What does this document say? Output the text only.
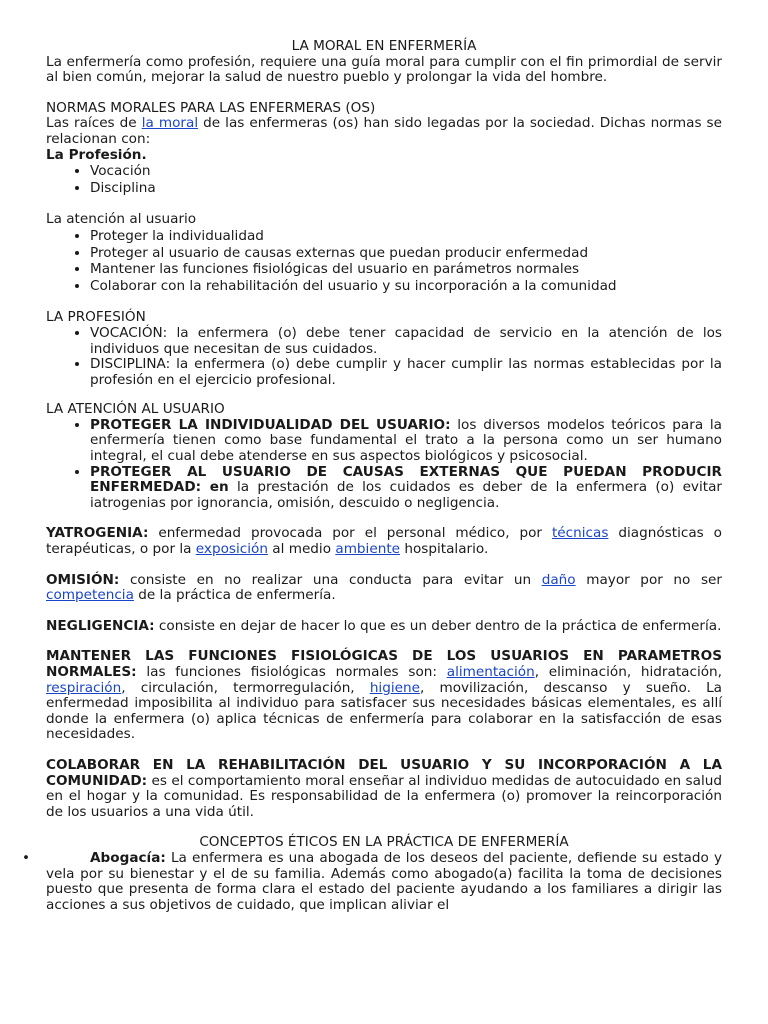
LA MORAL EN ENFERMERÍA
La enfermería como profesión, requiere una guía moral para cumplir con el fin primordial de servir al bien común, mejorar la salud de nuestro pueblo y prolongar la vida del hombre.
NORMAS MORALES PARA LAS ENFERMERAS (OS)
Las raíces de la moral de las enfermeras (os) han sido legadas por la sociedad. Dichas normas se relacionan con:
La Profesión.
• Vocación
• Disciplina
La atención al usuario
• Proteger la individualidad
• Proteger al usuario de causas externas que puedan producir enfermedad
• Mantener las funciones fisiológicas del usuario en parámetros normales
• Colaborar con la rehabilitación del usuario y su incorporación a la comunidad
LA PROFESIÓN
• VOCACIÓN: la enfermera (o) debe tener capacidad de servicio en la atención de los individuos que necesitan de sus cuidados.
• DISCIPLINA: la enfermera (o) debe cumplir y hacer cumplir las normas establecidas por la profesión en el ejercicio profesional.
LA ATENCIÓN AL USUARIO
• PROTEGER LA INDIVIDUALIDAD DEL USUARIO: los diversos modelos teóricos para la enfermería tienen como base fundamental el trato a la persona como un ser humano integral, el cual debe atenderse en sus aspectos biológicos y psicosocial.
• PROTEGER AL USUARIO DE CAUSAS EXTERNAS QUE PUEDAN PRODUCIR ENFERMEDAD: en la prestación de los cuidados es deber de la enfermera (o) evitar iatrogenias por ignorancia, omisión, descuido o negligencia.
YATROGENIA: enfermedad provocada por el personal médico, por técnicas diagnósticas o terapéuticas, o por la exposición al medio ambiente hospitalario.
OMISIÓN: consiste en no realizar una conducta para evitar un daño mayor por no ser competencia de la práctica de enfermería.
NEGLIGENCIA: consiste en dejar de hacer lo que es un deber dentro de la práctica de enfermería.
MANTENER LAS FUNCIONES FISIOLÓGICAS DE LOS USUARIOS EN PARAMETROS NORMALES: las funciones fisiológicas normales son: alimentación, eliminación, hidratación, respiración, circulación, termorregulación, higiene, movilización, descanso y sueño. La enfermedad imposibilita al individuo para satisfacer sus necesidades básicas elementales, es allí donde la enfermera (o) aplica técnicas de enfermería para colaborar en la satisfacción de esas necesidades.
COLABORAR EN LA REHABILITACIÓN DEL USUARIO Y SU INCORPORACIÓN A LA COMUNIDAD: es el comportamiento moral enseñar al individuo medidas de autocuidado en salud en el hogar y la comunidad. Es responsabilidad de la enfermera (o) promover la reincorporación de los usuarios a una vida útil.
CONCEPTOS ÉTICOS EN LA PRÁCTICA DE ENFERMERÍA
•	Abogacía: La enfermera es una abogada de los deseos del paciente, defiende su estado y vela por su bienestar y el de su familia. Además como abogado(a) facilita la toma de decisiones puesto que presenta de forma clara el estado del paciente ayudando a los familiares a dirigir las acciones a sus objetivos de cuidado, que implican aliviar el
